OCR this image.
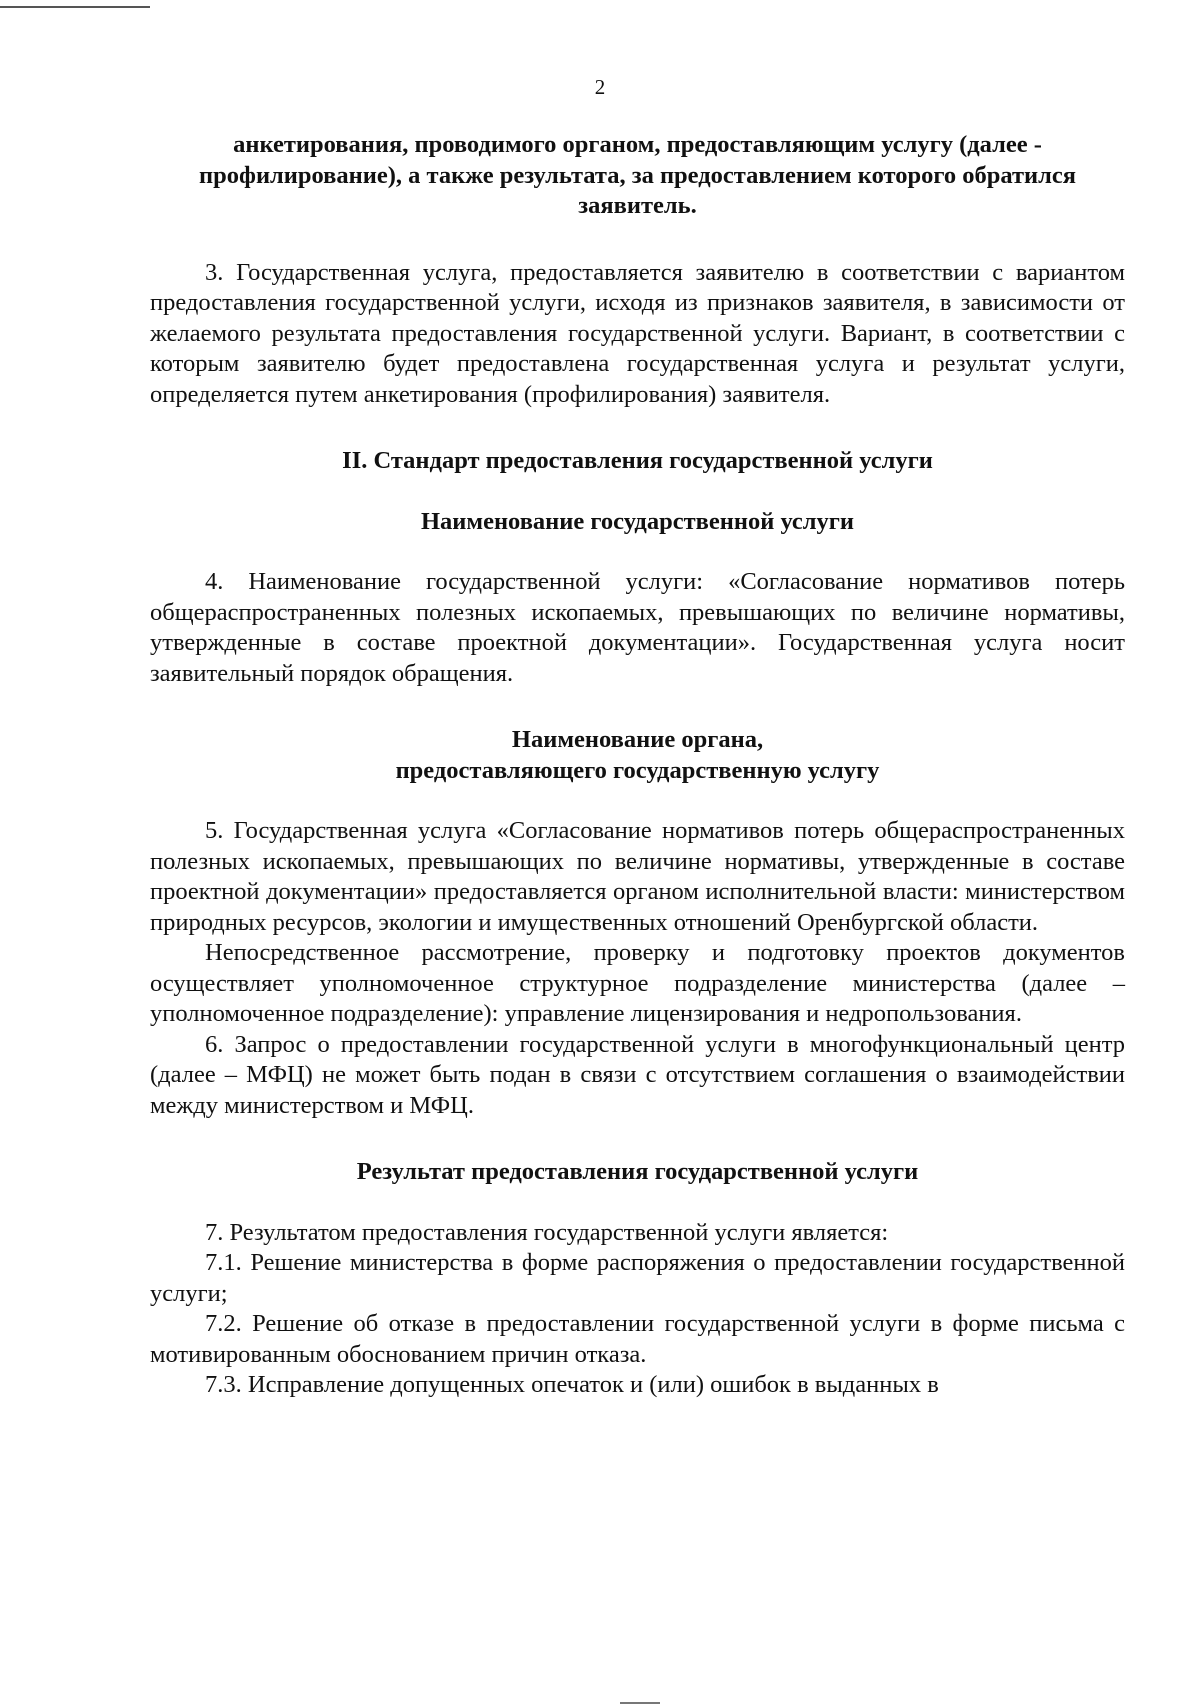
2

анкетирования, проводимого органом, предоставляющим услугу (далее - профилирование), а также результата, за предоставлением которого обратился заявитель.

3. Государственная услуга, предоставляется заявителю в соответствии с вариантом предоставления государственной услуги, исходя из признаков заявителя, в зависимости от желаемого результата предоставления государственной услуги. Вариант, в соответствии с которым заявителю будет предоставлена государственная услуга и результат услуги, определяется путем анкетирования (профилирования) заявителя.

II. Стандарт предоставления государственной услуги

Наименование государственной услуги

4. Наименование государственной услуги: «Согласование нормативов потерь общераспространенных полезных ископаемых, превышающих по величине нормативы, утвержденные в составе проектной документации». Государственная услуга носит заявительный порядок обращения.

Наименование органа,

предоставляющего государственную услугу

5. Государственная услуга «Согласование нормативов потерь общераспространенных полезных ископаемых, превышающих по величине нормативы, утвержденные в составе проектной документации» предоставляется органом исполнительной власти: министерством природных ресурсов, экологии и имущественных отношений Оренбургской области.

Непосредственное рассмотрение, проверку и подготовку проектов документов осуществляет уполномоченное структурное подразделение министерства (далее – уполномоченное подразделение): управление лицензирования и недропользования.

6. Запрос о предоставлении государственной услуги в многофункциональный центр (далее – МФЦ) не может быть подан в связи с отсутствием соглашения о взаимодействии между министерством и МФЦ.

Результат предоставления государственной услуги

7. Результатом предоставления государственной услуги является:

7.1. Решение министерства в форме распоряжения о предоставлении государственной услуги;

7.2. Решение об отказе в предоставлении государственной услуги в форме письма с мотивированным обоснованием причин отказа.

7.3. Исправление допущенных опечаток и (или) ошибок в выданных в
